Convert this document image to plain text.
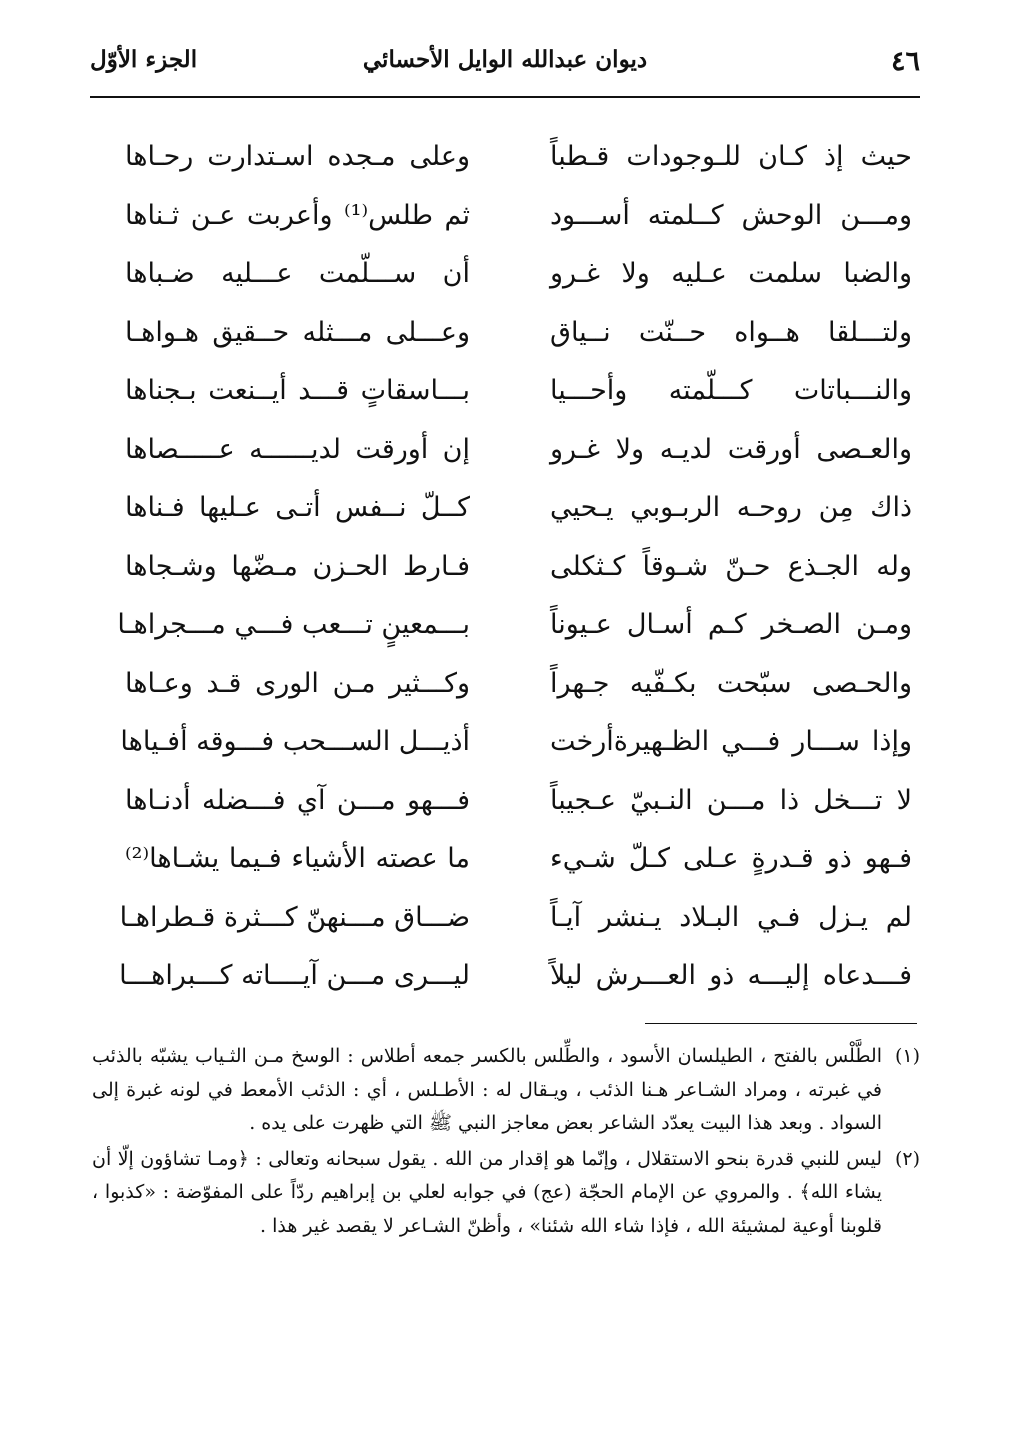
٤٦
ديوان عبدالله الوايل الأحسائي
الجزء الأوّل
حيث إذ كـان للـوجودات قـطباً
وعلى مـجده اسـتدارت رحـاها
ومـــن الوحش كــلمته أســـود
ثم طلس⁽¹⁾ وأعربت عـن ثـناها
والضبا سلمت عـليه ولا غـرو
أن ســـلّمت عـــليه ضـباها
ولتـــلقا هــواه حــنّت نــياق
وعـــلى مـــثله حــقيق هـواهـا
والنـــباتات كـــلّمته وأحـــيا
بـــاسقاتٍ قـــد أيــنعت بـجناها
والعـصى أورقت لديـه ولا غـرو
إن أورقت لديــــــه عـــــصاها
ذاك مِن روحـه الربـوبي يـحيي
كــلّ نــفس أتـى عـليها فـناها
وله الجـذع حـنّ شـوقاً كـثكلى
فـارط الحـزن مـضّها وشـجاها
ومـن الصـخر كـم أسـال عـيوناً
بـــمعينٍ تـــعب فـــي مـــجراهـا
والحـصى سبّحت بكـفّيه جـهراً
وكـــثير مـن الورى قـد وعـاها
وإذا ســـار فـــي الظـهيرةأرخت
أذيـــل الســـحب فـــوقه أفـياها
لا تـــخل ذا مـــن النـبيّ عـجيباً
فـــهو مـــن آي فـــضله أدنـاها
فـهو ذو قـدرةٍ عـلى كـلّ شـيء
ما عصته الأشياء فـيما يشـاها⁽²⁾
لم يـزل فـي البـلاد يـنشر آيـاً
ضـــاق مـــنهنّ كـــثرة قـطراهـا
فـــدعاه إليـــه ذو العـــرش ليلاً
ليـــرى مـــن آيــــاته كـــبراهـــا
(١)
الطَّلْس بالفتح ، الطيلسان الأسود ، والطِّلس بالكسر جمعه أطلاس : الوسخ مـن الثـياب يشبّه بالذئب في غبرته ، ومراد الشـاعر هـنا الذئب ، ويـقال له : الأطـلس ، أي : الذئب الأمعط في لونه غبرة إلى السواد . وبعد هذا البيت يعدّد الشاعر بعض معاجز النبي ﷺ التي ظهرت على يده .
(٢)
ليس للنبي قدرة بنحو الاستقلال ، وإنّما هو إقدار من الله . يقول سبحانه وتعالى : ﴿ومـا تشاؤون إلّا أن يشاء الله﴾ . والمروي عن الإمام الحجّة (عج) في جوابه لعلي بن إبراهيم ردّاً على المفوّضة : «كذبوا ، قلوبنا أوعية لمشيئة الله ، فإذا شاء الله شئنا» ، وأظنّ الشـاعر لا يقصد غير هذا .
